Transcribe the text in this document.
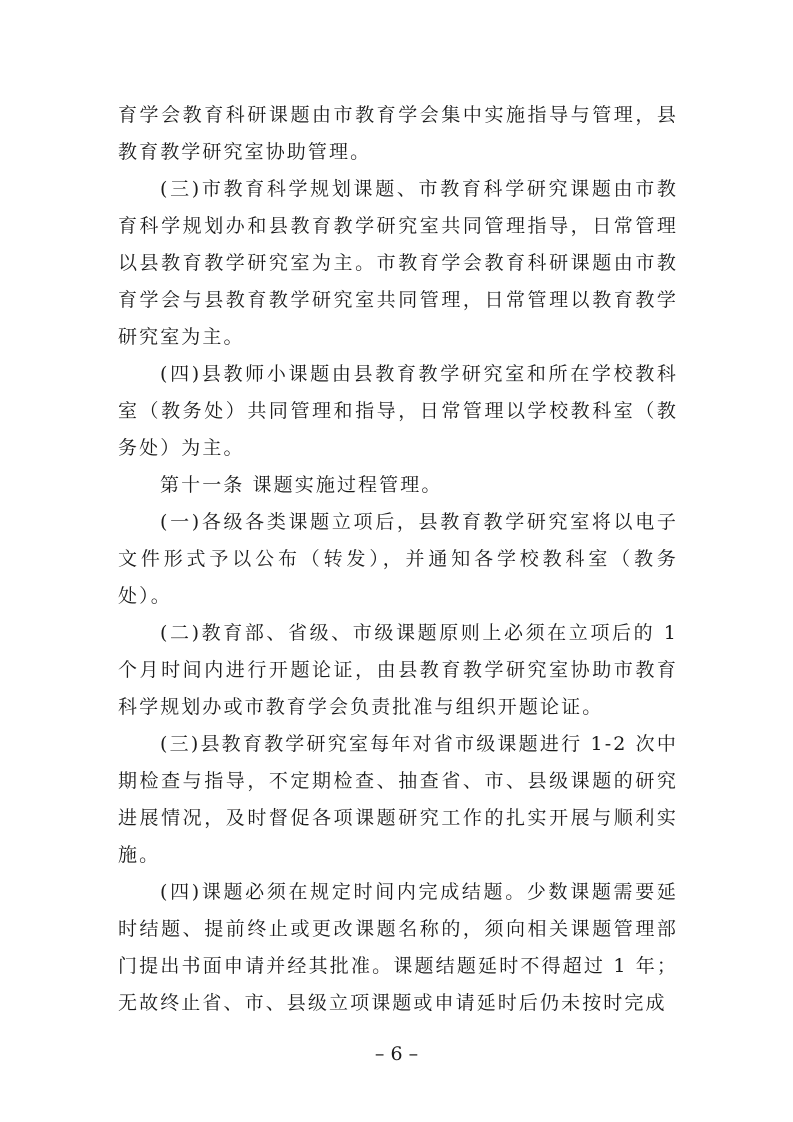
育学会教育科研课题由市教育学会集中实施指导与管理，县教育教学研究室协助管理。

(三)市教育科学规划课题、市教育科学研究课题由市教育科学规划办和县教育教学研究室共同管理指导，日常管理以县教育教学研究室为主。市教育学会教育科研课题由市教育学会与县教育教学研究室共同管理，日常管理以教育教学研究室为主。

(四)县教师小课题由县教育教学研究室和所在学校教科室（教务处）共同管理和指导，日常管理以学校教科室（教务处）为主。

第十一条 课题实施过程管理。

(一)各级各类课题立项后，县教育教学研究室将以电子文件形式予以公布（转发），并通知各学校教科室（教务处）。

(二)教育部、省级、市级课题原则上必须在立项后的 1 个月时间内进行开题论证，由县教育教学研究室协助市教育科学规划办或市教育学会负责批准与组织开题论证。

(三)县教育教学研究室每年对省市级课题进行 1-2 次中期检查与指导，不定期检查、抽查省、市、县级课题的研究进展情况，及时督促各项课题研究工作的扎实开展与顺利实施。

(四)课题必须在规定时间内完成结题。少数课题需要延时结题、提前终止或更改课题名称的，须向相关课题管理部门提出书面申请并经其批准。课题结题延时不得超过 1 年；无故终止省、市、县级立项课题或申请延时后仍未按时完成

– 6 –
